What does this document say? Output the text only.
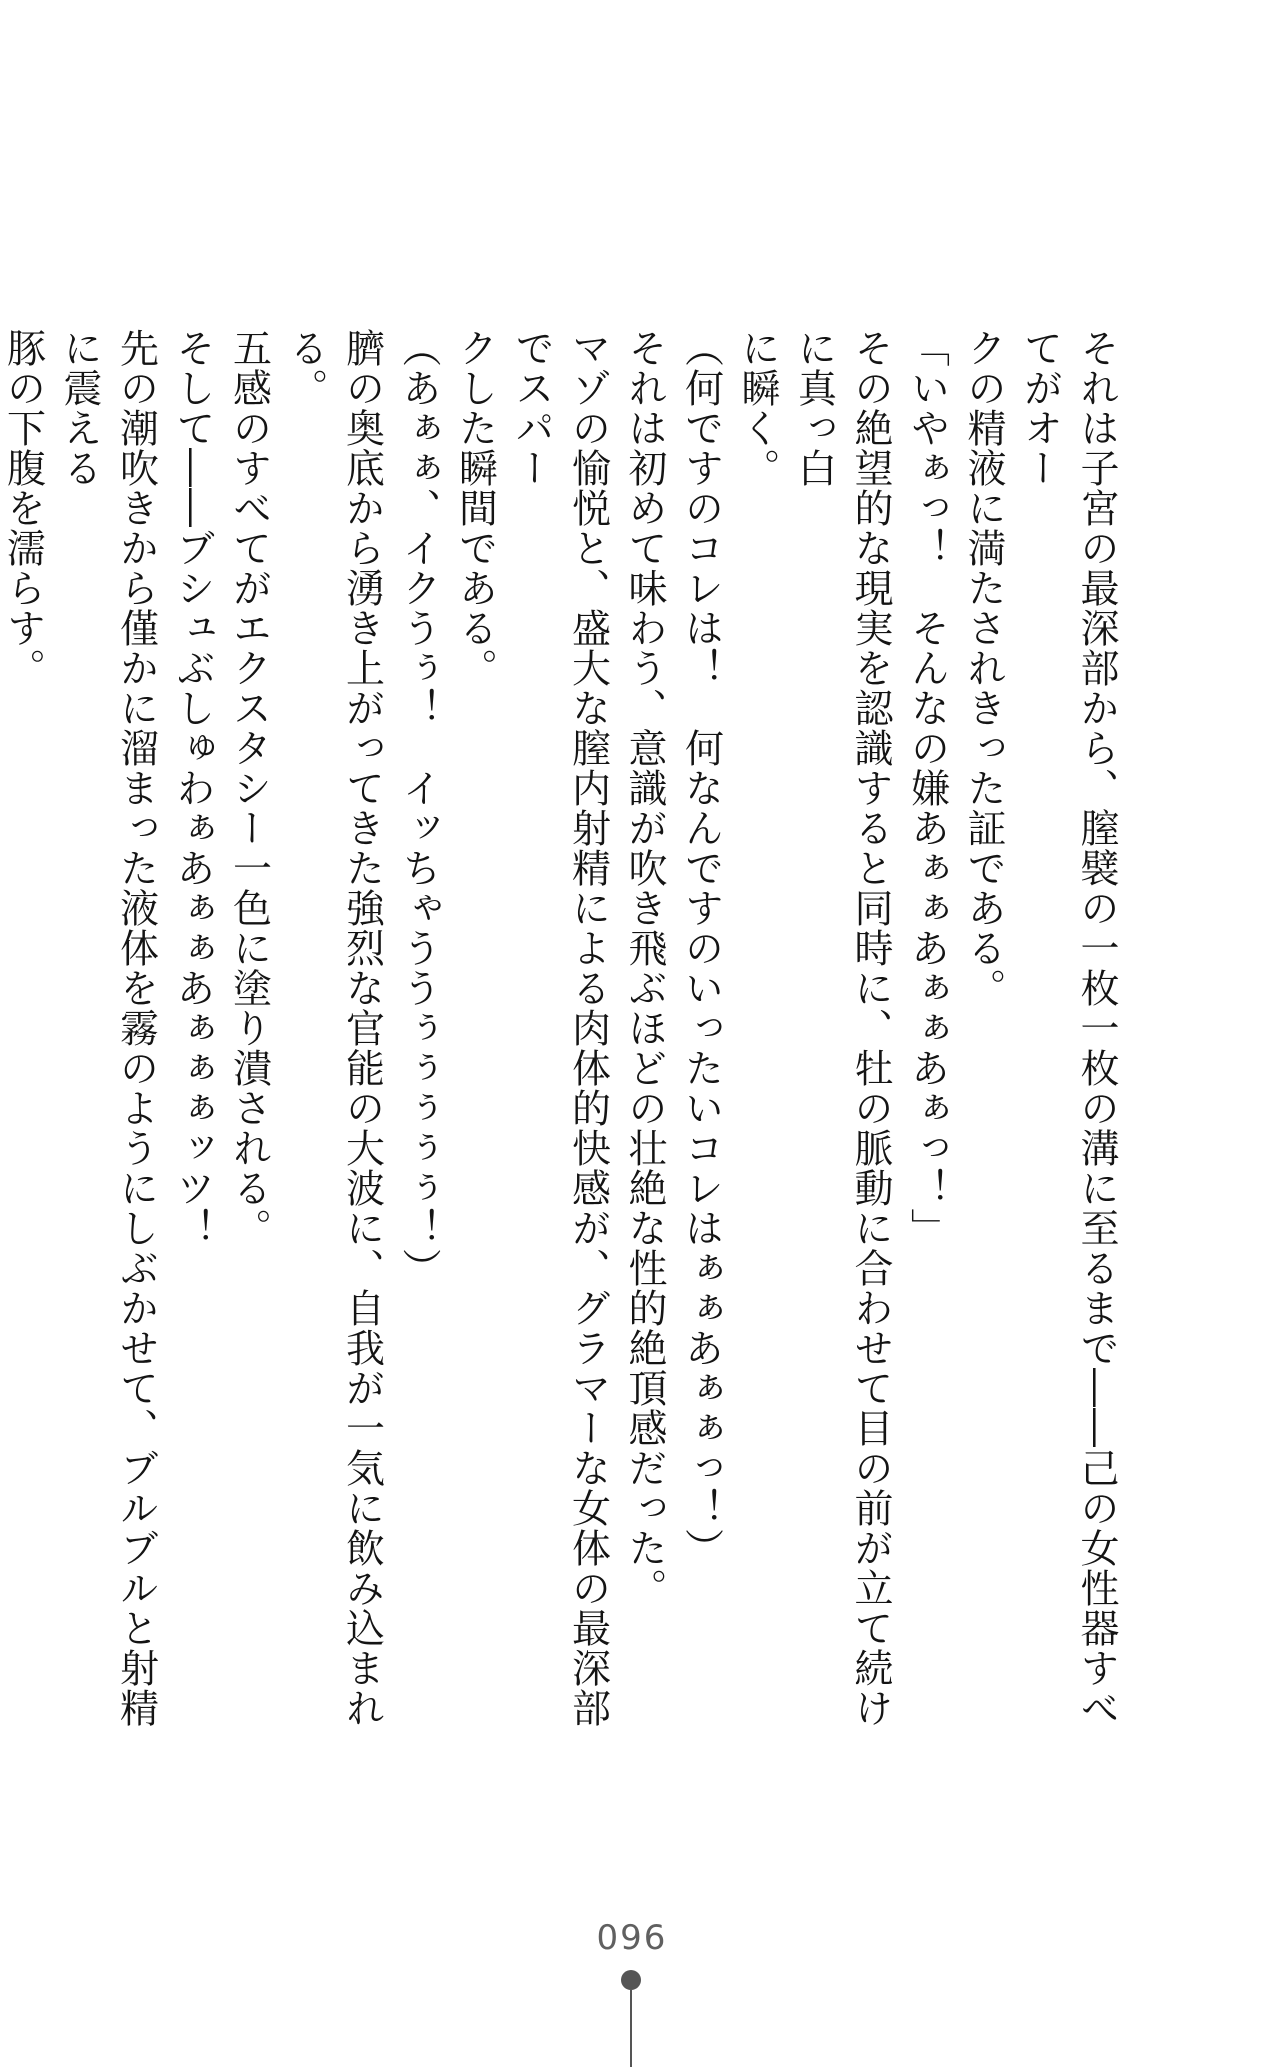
それは子宮の最深部から、膣襞の一枚一枚の溝に至るまで――己の女性器すべてがオー

クの精液に満たされきった証である。

「いやぁっ！　そんなの嫌あぁぁあぁぁあぁっ！」

その絶望的な現実を認識すると同時に、牡の脈動に合わせて目の前が立て続けに真っ白

に瞬く。

（何ですのコレは！　何なんですのいったいコレはぁぁあぁぁっ！）

それは初めて味わう、意識が吹き飛ぶほどの壮絶な性的絶頂感だった。

マゾの愉悦と、盛大な膣内射精による肉体的快感が、グラマーな女体の最深部でスパー

クした瞬間である。

（あぁぁ、イクうぅ！　イッちゃううぅぅぅぅぅ！）

臍の奥底から湧き上がってきた強烈な官能の大波に、自我が一気に飲み込まれる。

五感のすべてがエクスタシー一色に塗り潰される。

そして――ブシュぶしゅわぁあぁぁあぁぁぁッツ！

先の潮吹きから僅かに溜まった液体を霧のようにしぶかせて、ブルブルと射精に震える

豚の下腹を濡らす。

096
